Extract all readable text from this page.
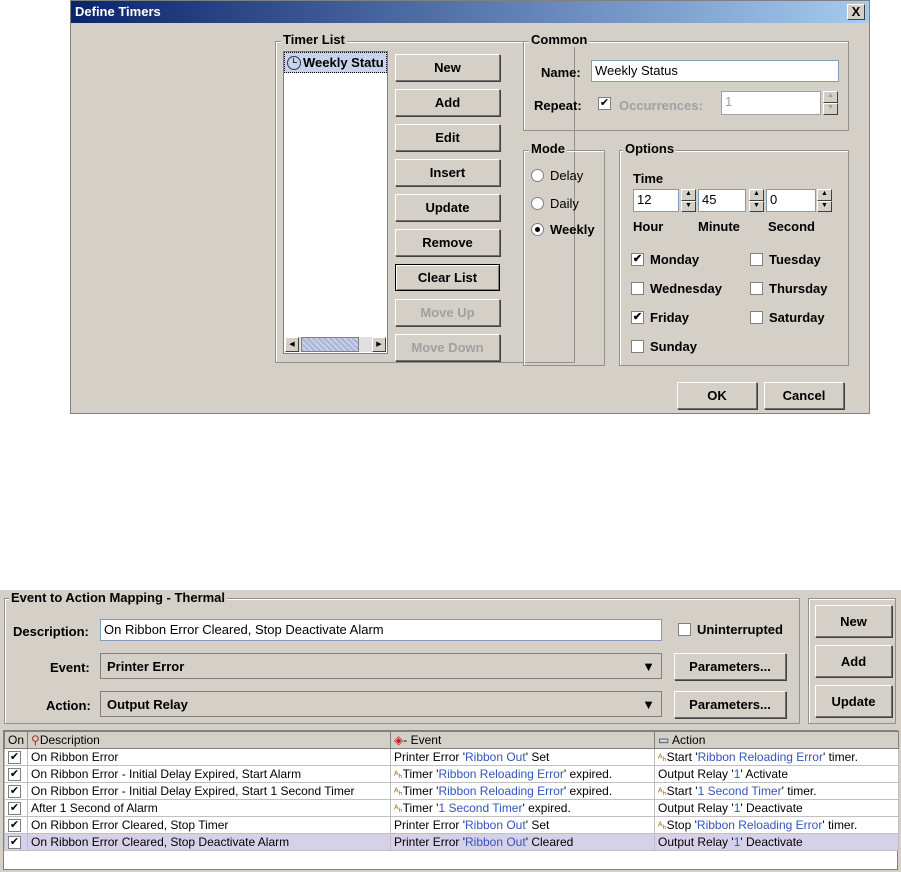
Define Timers	X
Timer List
Weekly Statu
◀	▶
New
Add
Edit
Insert
Update
Remove
Clear List
Move Up
Move Down
Common
Name:	Weekly Status
Repeat: ✔ Occurrences:	1	▲
▼
Mode
Delay
Daily
Weekly
Options
Time
12	▲
▼ 45	▲
▼ 0	▲
▼
Hour	Minute Second
✔ Monday	Tuesday
Wednesday	Thursday
✔ Friday	Saturday
Sunday
OK	Cancel
Event to Action Mapping - Thermal
Description:	On Ribbon Error Cleared, Stop Deactivate Alarm	Uninterrupted
Event: Printer Error	▼	Parameters...
Action: Output Relay	▼	Parameters...
New
Add
Update
On	⚲Description	◈- Event	▭ Action
✔	On Ribbon Error	Printer Error 'Ribbon Out' Set	ᴬₕStart 'Ribbon Reloading Error' timer.
✔	On Ribbon Error - Initial Delay Expired, Start Alarm	ᴬₕTimer 'Ribbon Reloading Error' expired.	Output Relay '1' Activate
✔	On Ribbon Error - Initial Delay Expired, Start 1 Second Timer	ᴬₕTimer 'Ribbon Reloading Error' expired.	ᴬₕStart '1 Second Timer' timer.
✔	After 1 Second of Alarm	ᴬₕTimer '1 Second Timer' expired.	Output Relay '1' Deactivate
✔	On Ribbon Error Cleared, Stop Timer	Printer Error 'Ribbon Out' Set	ᴬₕStop 'Ribbon Reloading Error' timer.
✔	On Ribbon Error Cleared, Stop Deactivate Alarm	Printer Error 'Ribbon Out' Cleared	Output Relay '1' Deactivate
